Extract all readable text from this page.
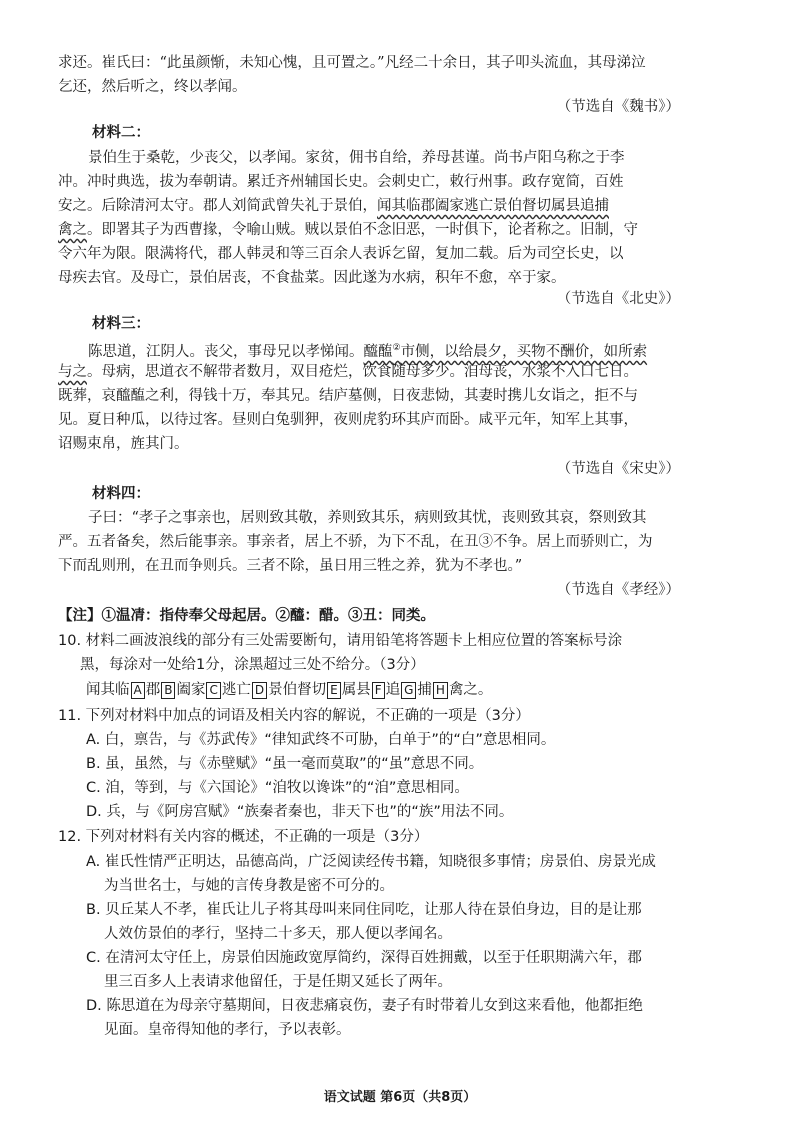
求还。崔氏曰：“此虽颜惭，未知心愧，且可置之。”凡经二十余日，其子叩头流血，其母涕泣
乞还，然后听之，终以孝闻。
（节选自《魏书》）
材料二：
景伯生于桑乾，少丧父，以孝闻。家贫，佣书自给，养母甚谨。尚书卢阳乌称之于李
冲。冲时典选，拔为奉朝请。累迁齐州辅国长史。会刺史亡，敕行州事。政存宽简，百姓
安之。后除清河太守。郡人刘简武曾失礼于景伯，闻其临郡阖家逃亡景伯督切属县追捕
禽之。即署其子为西曹掾，令喻山贼。贼以景伯不念旧恶，一时俱下，论者称之。旧制，守
令六年为限。限满将代，郡人韩灵和等三百余人表诉乞留，复加二载。后为司空长史，以
母疾去官。及母亡，景伯居丧，不食盐菜。因此遂为水病，积年不愈，卒于家。
（节选自《北史》）
材料三：
陈思道，江阴人。丧父，事母兄以孝悌闻。醯醢②市侧，以给晨夕，买物不酬价，如所索
与之。母病，思道衣不解带者数月，双目疮烂，饮食随母多少。洎母丧，水浆不入口七日。
既葬，哀醯醢之利，得钱十万，奉其兄。结庐墓侧，日夜悲恸，其妻时携儿女诣之，拒不与
见。夏日种瓜，以待过客。昼则白兔驯狎，夜则虎豹环其庐而卧。咸平元年，知军上其事，
诏赐束帛，旌其门。
（节选自《宋史》）
材料四：
子曰：“孝子之事亲也，居则致其敬，养则致其乐，病则致其忧，丧则致其哀，祭则致其
严。五者备矣，然后能事亲。事亲者，居上不骄，为下不乱，在丑③不争。居上而骄则亡，为
下而乱则刑，在丑而争则兵。三者不除，虽日用三牲之养，犹为不孝也。”
（节选自《孝经》）
【注】①温凊：指侍奉父母起居。②醯：醋。③丑：同类。
10. 材料二画波浪线的部分有三处需要断句，请用铅笔将答题卡上相应位置的答案标号涂
黑，每涂对一处给1分，涂黑超过三处不给分。（3分）
闻其临 A 郡 B 阖家 C 逃亡 D 景伯督切 E 属县 F 追 G 捕 H 禽之。
11. 下列对材料中加点的词语及相关内容的解说，不正确的一项是（3分）
A. 白，禀告，与《苏武传》“律知武终不可胁，白单于”的“白”意思相同。
B. 虽，虽然，与《赤壁赋》“虽一毫而莫取”的“虽”意思不同。
C. 洎，等到，与《六国论》“洎牧以谗诛”的“洎”意思相同。
D. 兵，与《阿房宫赋》“族秦者秦也，非天下也”的“族”用法不同。
12. 下列对材料有关内容的概述，不正确的一项是（3分）
A. 崔氏性情严正明达，品德高尚，广泛阅读经传书籍，知晓很多事情；房景伯、房景光成
为当世名士，与她的言传身教是密不可分的。
B. 贝丘某人不孝，崔氏让儿子将其母叫来同住同吃，让那人待在景伯身边，目的是让那
人效仿景伯的孝行，坚持二十多天，那人便以孝闻名。
C. 在清河太守任上，房景伯因施政宽厚简约，深得百姓拥戴，以至于任职期满六年，郡
里三百多人上表请求他留任，于是任期又延长了两年。
D. 陈思道在为母亲守墓期间，日夜悲痛哀伤，妻子有时带着儿女到这来看他，他都拒绝
见面。皇帝得知他的孝行，予以表彰。
语文试题 第6页（共8页）
